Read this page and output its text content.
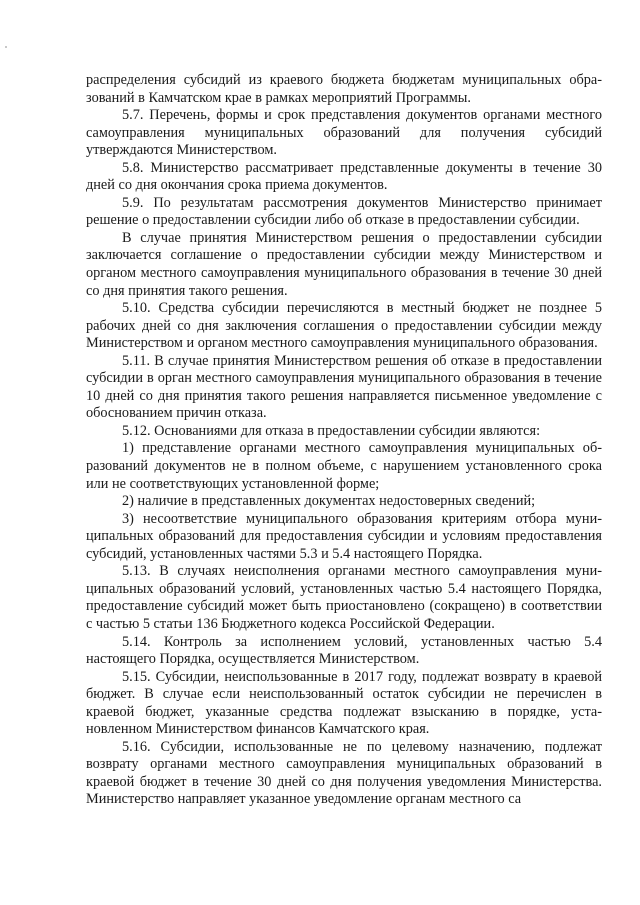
распределения субсидий из краевого бюджета бюджетам муниципальных образований в Камчатском крае в рамках мероприятий Программы.

5.7. Перечень, формы и срок представления документов органами местного самоуправления муниципальных образований для получения субсидий утверждаются Министерством.

5.8. Министерство рассматривает представленные документы в течение 30 дней со дня окончания срока приема документов.

5.9. По результатам рассмотрения документов Министерство принимает решение о предоставлении субсидии либо об отказе в предоставлении субсидии.

В случае принятия Министерством решения о предоставлении субсидии заключается соглашение о предоставлении субсидии между Министерством и органом местного самоуправления муниципального образования в течение 30 дней со дня принятия такого решения.

5.10. Средства субсидии перечисляются в местный бюджет не позднее 5 рабочих дней со дня заключения соглашения о предоставлении субсидии между Министерством и органом местного самоуправления муниципального образования.

5.11. В случае принятия Министерством решения об отказе в предоставлении субсидии в орган местного самоуправления муниципального образования в течение 10 дней со дня принятия такого решения направляется письменное уведомление с обоснованием причин отказа.

5.12. Основаниями для отказа в предоставлении субсидии являются:

1) представление органами местного самоуправления муниципальных образований документов не в полном объеме, с нарушением установленного срока или не соответствующих установленной форме;

2) наличие в представленных документах недостоверных сведений;

3) несоответствие муниципального образования критериям отбора муниципальных образований для предоставления субсидии и условиям предоставления субсидий, установленных частями 5.3 и 5.4 настоящего Порядка.

5.13. В случаях неисполнения органами местного самоуправления муниципальных образований условий, установленных частью 5.4 настоящего Порядка, предоставление субсидий может быть приостановлено (сокращено) в соответствии с частью 5 статьи 136 Бюджетного кодекса Российской Федерации.

5.14. Контроль за исполнением условий, установленных частью 5.4 настоящего Порядка, осуществляется Министерством.

5.15. Субсидии, неиспользованные в 2017 году, подлежат возврату в краевой бюджет. В случае если неиспользованный остаток субсидии не перечислен в краевой бюджет, указанные средства подлежат взысканию в порядке, установленном Министерством финансов Камчатского края.

5.16. Субсидии, использованные не по целевому назначению, подлежат возврату органами местного самоуправления муниципальных образований в краевой бюджет в течение 30 дней со дня получения уведомления Министерства. Министерство направляет указанное уведомление органам местного са
